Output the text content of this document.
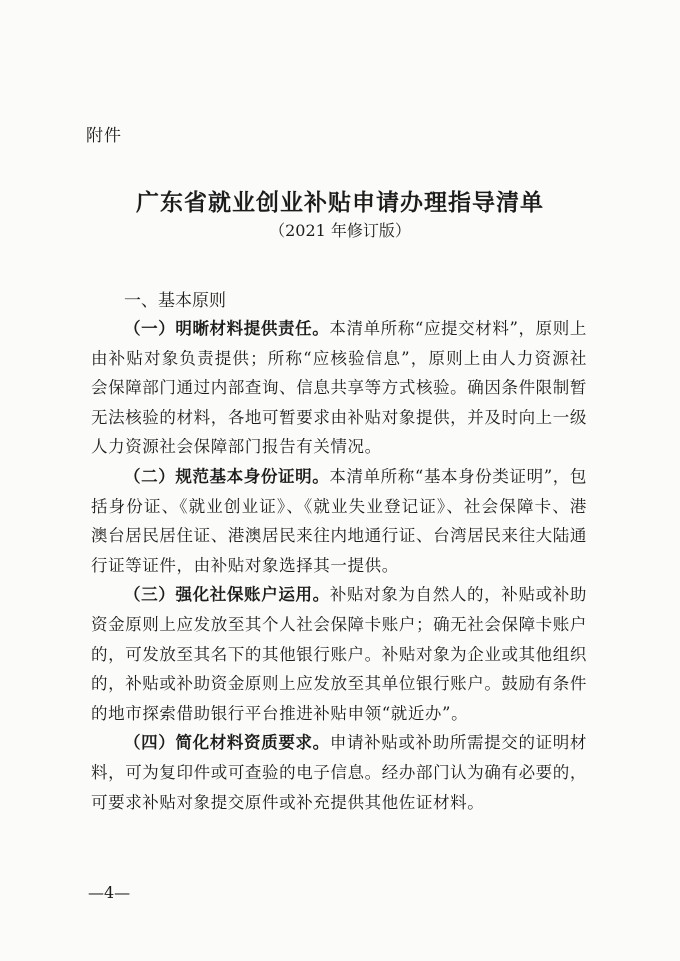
附件
广东省就业创业补贴申请办理指导清单
（2021 年修订版）
一、基本原则

（一）明晰材料提供责任。本清单所称“应提交材料”，原则上由补贴对象负责提供；所称“应核验信息”，原则上由人力资源社会保障部门通过内部查询、信息共享等方式核验。确因条件限制暂无法核验的材料，各地可暂要求由补贴对象提供，并及时向上一级人力资源社会保障部门报告有关情况。

（二）规范基本身份证明。本清单所称“基本身份类证明”，包括身份证、《就业创业证》、《就业失业登记证》、社会保障卡、港澳台居民居住证、港澳居民来往内地通行证、台湾居民来往大陆通行证等证件，由补贴对象选择其一提供。

（三）强化社保账户运用。补贴对象为自然人的，补贴或补助资金原则上应发放至其个人社会保障卡账户；确无社会保障卡账户的，可发放至其名下的其他银行账户。补贴对象为企业或其他组织的，补贴或补助资金原则上应发放至其单位银行账户。鼓励有条件的地市探索借助银行平台推进补贴申领“就近办”。

（四）简化材料资质要求。申请补贴或补助所需提交的证明材料，可为复印件或可查验的电子信息。经办部门认为确有必要的，可要求补贴对象提交原件或补充提供其他佐证材料。

—4—
